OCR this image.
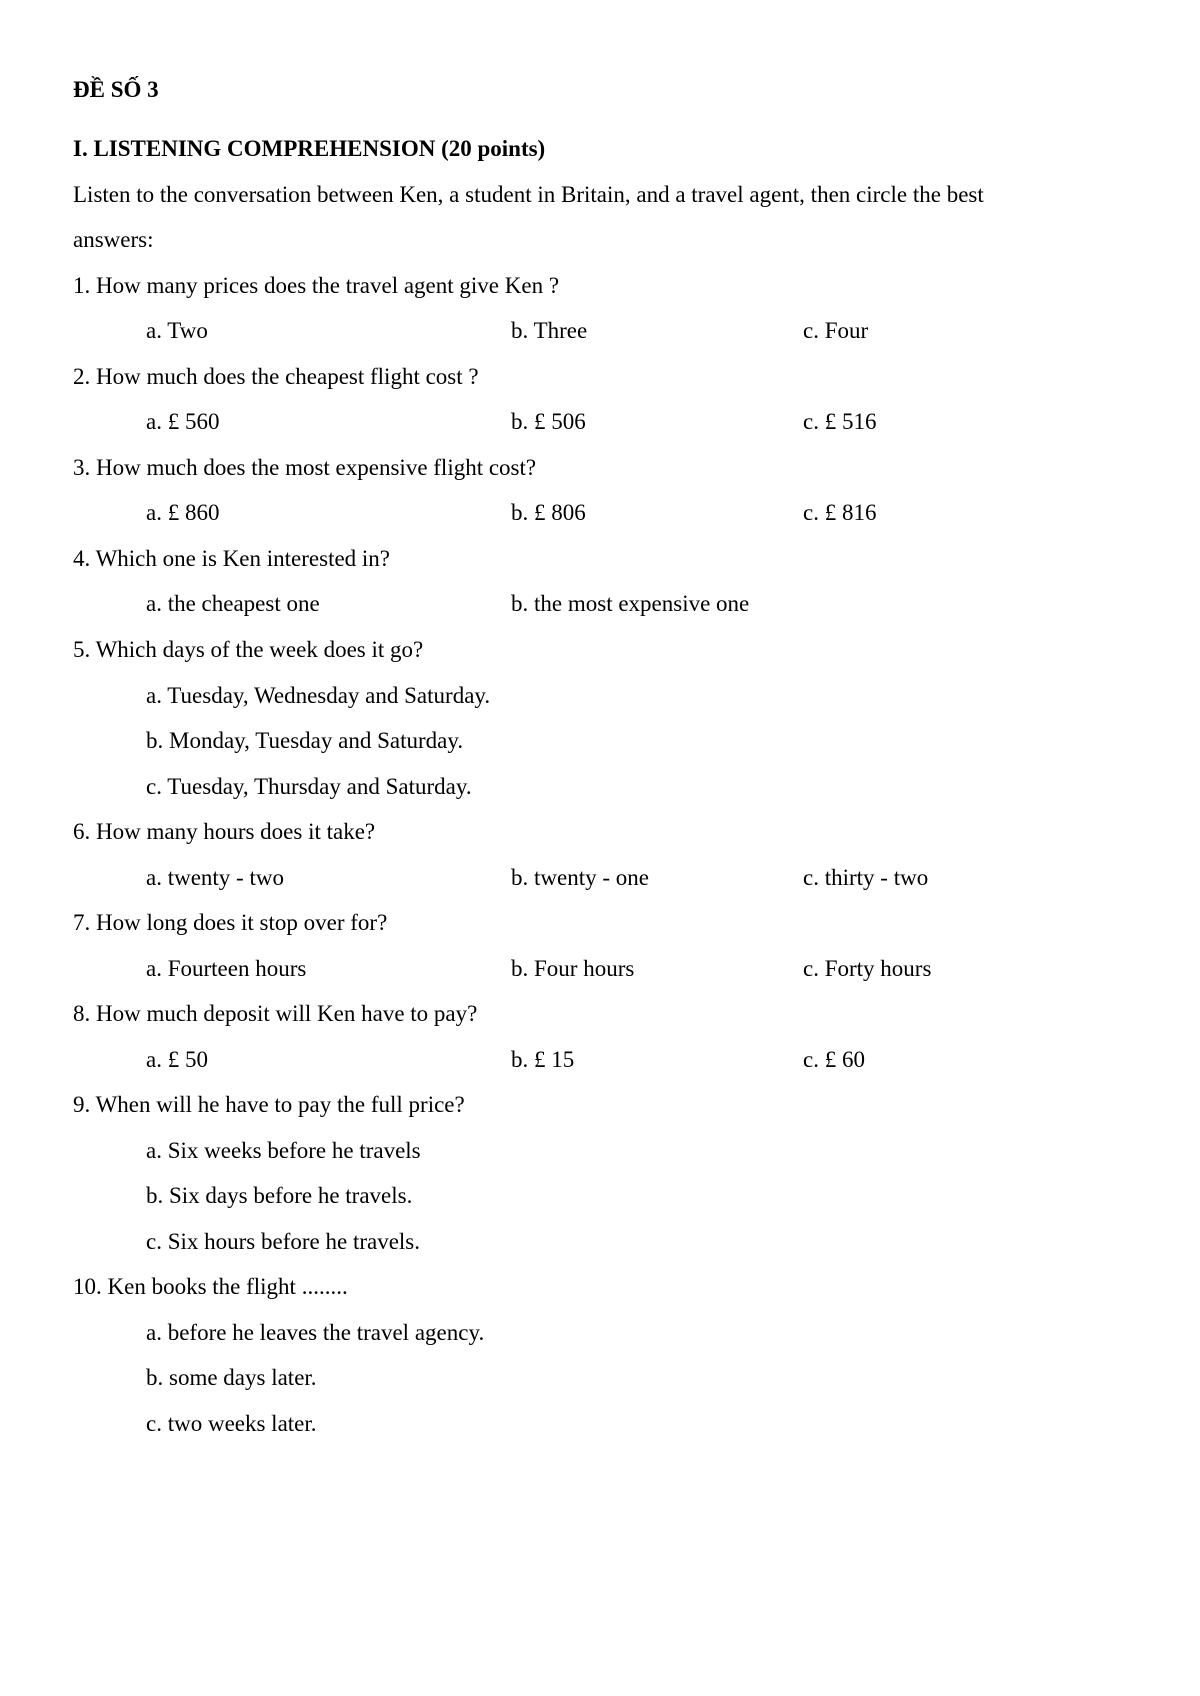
ĐỀ SỐ 3
I. LISTENING COMPREHENSION (20 points)
Listen to the conversation between Ken, a student in Britain, and a travel agent, then circle the best
answers:
1. How many prices does the travel agent give Ken ?
a. Two	b. Three	c. Four
2. How much does the cheapest flight cost ?
a. £ 560	b. £ 506	c. £ 516
3. How much does the most expensive flight cost?
a. £ 860	b. £ 806	c. £ 816
4. Which one is Ken interested in?
a. the cheapest one	b. the most expensive one
5. Which days of the week does it go?
a. Tuesday, Wednesday and Saturday.
b. Monday, Tuesday and Saturday.
c. Tuesday, Thursday and Saturday.
6. How many hours does it take?
a. twenty - two	b. twenty - one	c. thirty - two
7. How long does it stop over for?
a. Fourteen hours	b. Four hours	c. Forty hours
8. How much deposit will Ken have to pay?
a. £ 50	b. £ 15	c. £ 60
9. When will he have to pay the full price?
a. Six weeks before he travels
b. Six days before he travels.
c. Six hours before he travels.
10. Ken books the flight ........
a. before he leaves the travel agency.
b. some days later.
c. two weeks later.
